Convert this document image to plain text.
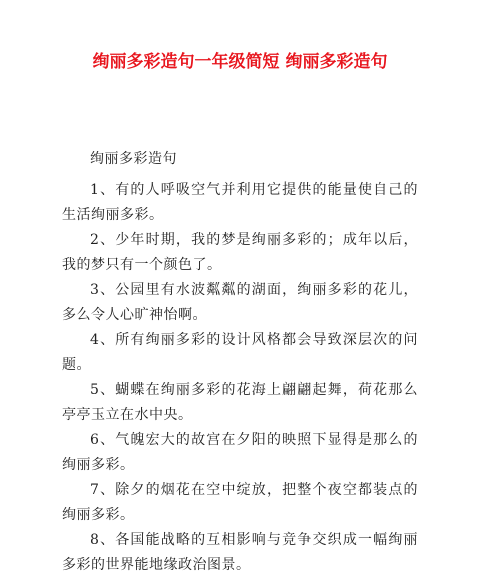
绚丽多彩造句一年级简短 绚丽多彩造句
绚丽多彩造句

1、有的人呼吸空气并利用它提供的能量使自己的生活绚丽多彩。

2、少年时期，我的梦是绚丽多彩的；成年以后，我的梦只有一个颜色了。

3、公园里有水波粼粼的湖面，绚丽多彩的花儿，多么令人心旷神怡啊。

4、所有绚丽多彩的设计风格都会导致深层次的问题。

5、蝴蝶在绚丽多彩的花海上翩翩起舞，荷花那么亭亭玉立在水中央。

6、气魄宏大的故宫在夕阳的映照下显得是那么的绚丽多彩。

7、除夕的烟花在空中绽放，把整个夜空都装点的绚丽多彩。

8、各国能战略的互相影响与竞争交织成一幅绚丽多彩的世界能地缘政治图景。
